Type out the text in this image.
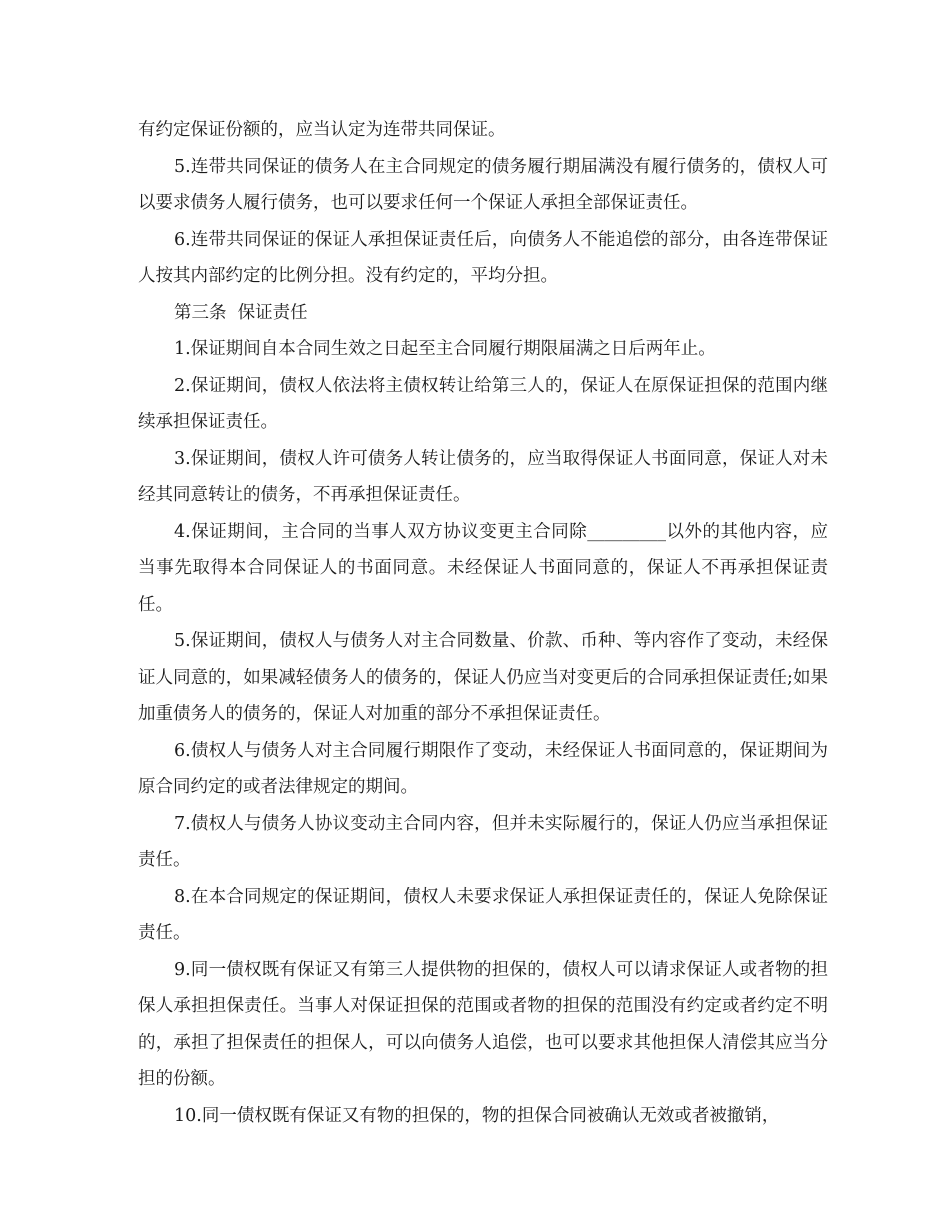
有约定保证份额的，应当认定为连带共同保证。

5.连带共同保证的债务人在主合同规定的债务履行期届满没有履行债务的，债权人可以要求债务人履行债务，也可以要求任何一个保证人承担全部保证责任。

6.连带共同保证的保证人承担保证责任后，向债务人不能追偿的部分，由各连带保证人按其内部约定的比例分担。没有约定的，平均分担。

第三条  保证责任

1.保证期间自本合同生效之日起至主合同履行期限届满之日后两年止。

2.保证期间，债权人依法将主债权转让给第三人的，保证人在原保证担保的范围内继续承担保证责任。

3.保证期间，债权人许可债务人转让债务的，应当取得保证人书面同意，保证人对未经其同意转让的债务，不再承担保证责任。

4.保证期间，主合同的当事人双方协议变更主合同除_________以外的其他内容，应当事先取得本合同保证人的书面同意。未经保证人书面同意的，保证人不再承担保证责任。

5.保证期间，债权人与债务人对主合同数量、价款、币种、等内容作了变动，未经保证人同意的，如果减轻债务人的债务的，保证人仍应当对变更后的合同承担保证责任;如果加重债务人的债务的，保证人对加重的部分不承担保证责任。

6.债权人与债务人对主合同履行期限作了变动，未经保证人书面同意的，保证期间为原合同约定的或者法律规定的期间。

7.债权人与债务人协议变动主合同内容，但并未实际履行的，保证人仍应当承担保证责任。

8.在本合同规定的保证期间，债权人未要求保证人承担保证责任的，保证人免除保证责任。

9.同一债权既有保证又有第三人提供物的担保的，债权人可以请求保证人或者物的担保人承担担保责任。当事人对保证担保的范围或者物的担保的范围没有约定或者约定不明的，承担了担保责任的担保人，可以向债务人追偿，也可以要求其他担保人清偿其应当分担的份额。

10.同一债权既有保证又有物的担保的，物的担保合同被确认无效或者被撤销，
